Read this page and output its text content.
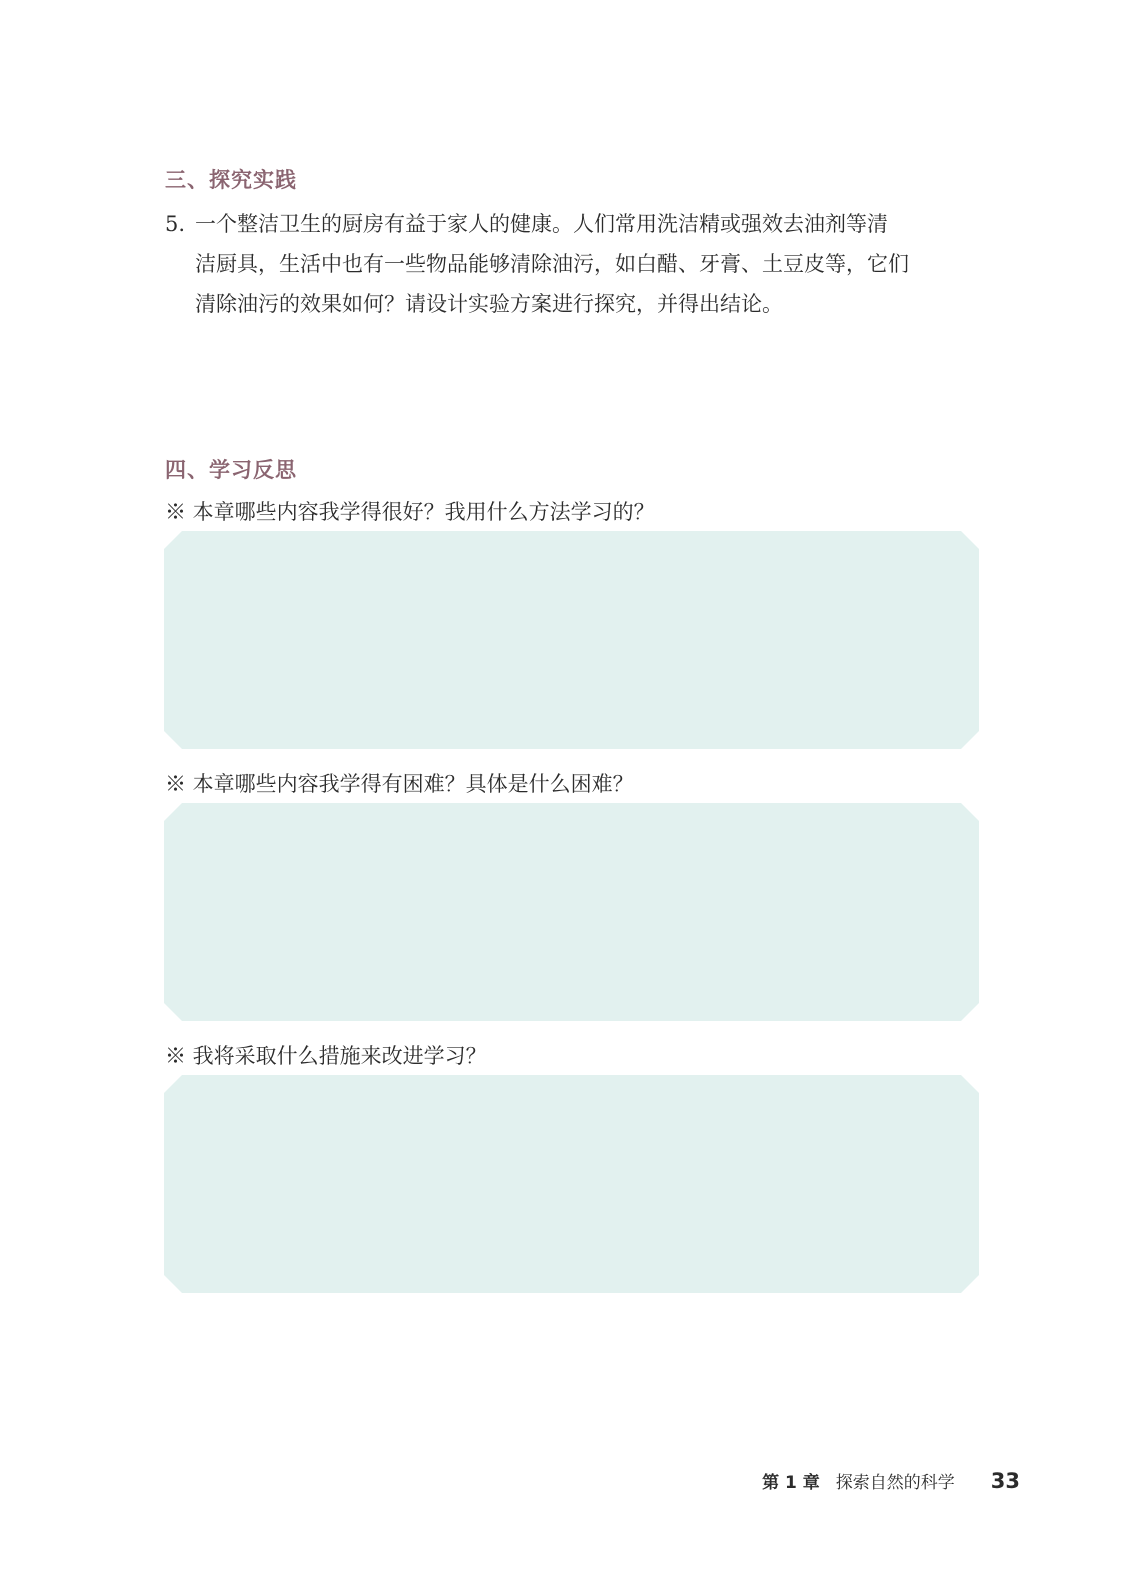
三、探究实践
5. 一个整洁卫生的厨房有益于家人的健康。人们常用洗洁精或强效去油剂等清
洁厨具，生活中也有一些物品能够清除油污，如白醋、牙膏、土豆皮等，它们
清除油污的效果如何？请设计实验方案进行探究，并得出结论。
四、学习反思
※ 本章哪些内容我学得很好？我用什么方法学习的？
※ 本章哪些内容我学得有困难？具体是什么困难？
※ 我将采取什么措施来改进学习？
第 1 章 探索自然的科学 33
